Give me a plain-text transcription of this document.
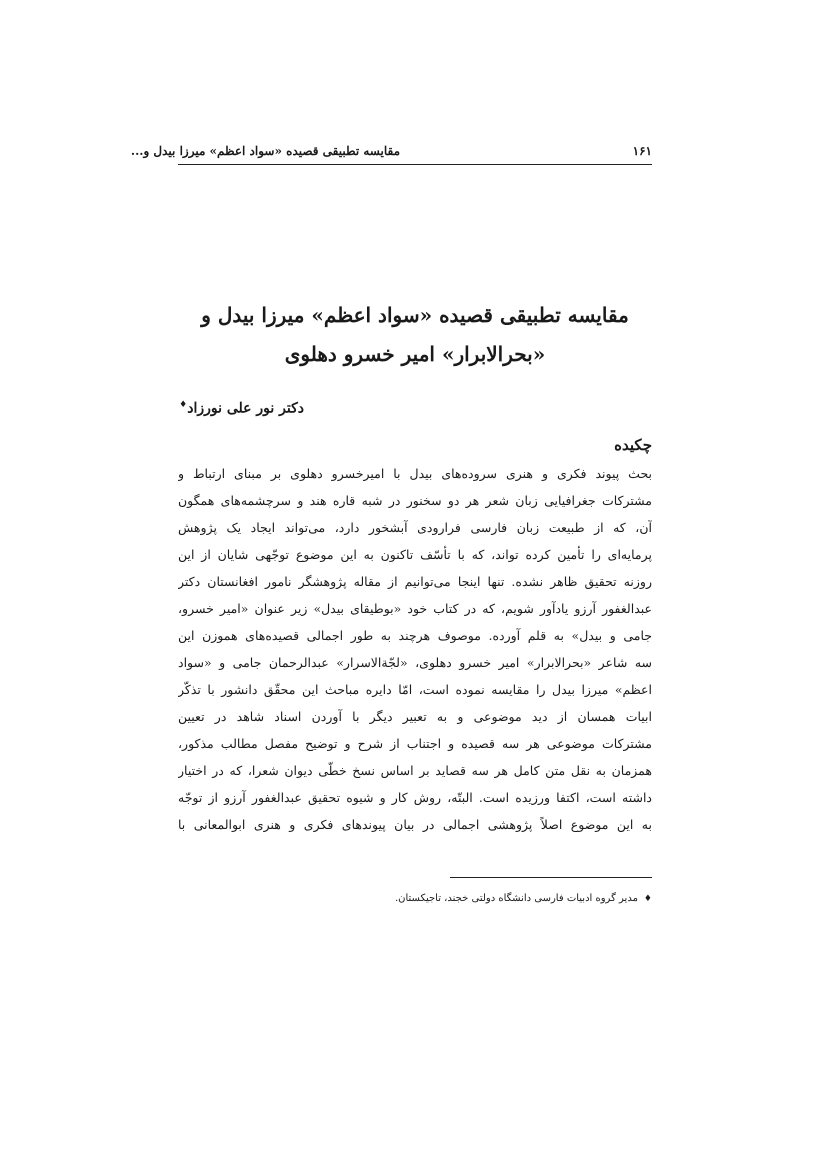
۱۶۱
مقایسه تطبیقی قصیده «سواد اعظم» میرزا بیدل و...
مقایسه تطبیقی قصیده «سواد اعظم» میرزا بیدل و
«بحرالابرار» امیر خسرو دهلوی
دکتر نور علی نورزاد♦
چکیده
بحث پیوند فکری و هنری سروده‌های بیدل با امیرخسرو دهلوی بر مبنای ارتباط و
مشترکات جغرافیایی زبان شعر هر دو سخنور در شبه قاره هند و سرچشمه‌های همگون
آن، که از طبیعت زبان فارسی فرارودی آبشخور دارد، می‌تواند ایجاد یک پژوهش
پرمایه‌ای را تأمین کرده تواند، که با تأسّف تاکنون به این موضوع توجّهی شایان از این
روزنه تحقیق ظاهر نشده. تنها اینجا می‌توانیم از مقاله پژوهشگر نامور افغانستان دکتر
عبدالغفور آرزو یادآور شویم، که در کتاب خود «بوطیقای بیدل» زیر عنوان «امیر خسرو،
جامی و بیدل» به قلم آورده. موصوف هرچند به طور اجمالی قصیده‌های هموزن این
سه شاعر «بحرالابرار» امیر خسرو دهلوی، «لجّةالاسرار» عبدالرحمان جامی و «سواد
اعظم» میرزا بیدل را مقایسه نموده است، امّا دایره مباحث این محقّق دانشور با تذکّر
ابیات همسان از دید موضوعی و به تعبیر دیگر با آوردن اسناد شاهد در تعیین
مشترکات موضوعی هر سه قصیده و اجتناب از شرح و توضیح مفصل مطالب مذکور،
همزمان به نقل متن کامل هر سه قصاید بر اساس نسخ خطّی دیوان شعرا، که در اختیار
داشته است، اکتفا ورزیده است. البتّه، روش کار و شیوه تحقیق عبدالغفور آرزو از توجّه
به این موضوع اصلاً پژوهشی اجمالی در بیان پیوندهای فکری و هنری ابوالمعانی با
♦مدیر گروه ادبیات فارسی دانشگاه دولتی خجند، تاجیکستان.
